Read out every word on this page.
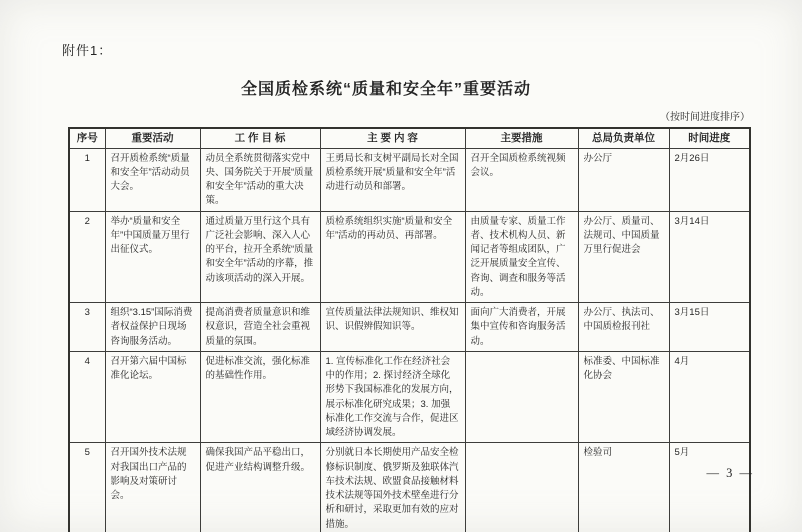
附件1：
全国质检系统“质量和安全年”重要活动
（按时间进度排序）
序号	重要活动	工 作 目 标	主 要 内 容	主要措施	总局负责单位	时间进度
1	召开质检系统“质量和安全年”活动动员大会。	动员全系统贯彻落实党中央、国务院关于开展“质量和安全年”活动的重大决策。	王勇局长和支树平副局长对全国质检系统开展“质量和安全年”活动进行动员和部署。	召开全国质检系统视频会议。	办公厅	2月26日
2	举办“质量和安全年”中国质量万里行出征仪式。	通过质量万里行这个具有广泛社会影响、深入人心的平台，拉开全系统“质量和安全年”活动的序幕，推动该项活动的深入开展。	质检系统组织实施“质量和安全年”活动的再动员、再部署。	由质量专家、质量工作者、技术机构人员、新闻记者等组成团队，广泛开展质量安全宣传、咨询、调查和服务等活动。	办公厅、质量司、法规司、中国质量万里行促进会	3月14日
3	组织“3.15”国际消费者权益保护日现场咨询服务活动。	提高消费者质量意识和维权意识，营造全社会重视质量的氛围。	宣传质量法律法规知识、维权知识、识假辨假知识等。	面向广大消费者，开展集中宣传和咨询服务活动。	办公厅、执法司、中国质检报刊社	3月15日
4	召开第六届中国标准化论坛。	促进标准交流，强化标准的基础性作用。	1. 宣传标准化工作在经济社会中的作用；2. 探讨经济全球化形势下我国标准化的发展方向，展示标准化研究成果；3. 加强标准化工作交流与合作，促进区域经济协调发展。		标准委、中国标准化协会	4月
5	召开国外技术法规对我国出口产品的影响及对策研讨会。	确保我国产品平稳出口，促进产业结构调整升级。	分别就日本长期使用产品安全检修标识制度、俄罗斯及独联体汽车技术法规、欧盟食品接触材料技术法规等国外技术壁垒进行分析和研讨，采取更加有效的应对措施。		检验司	5月
— 3 —
